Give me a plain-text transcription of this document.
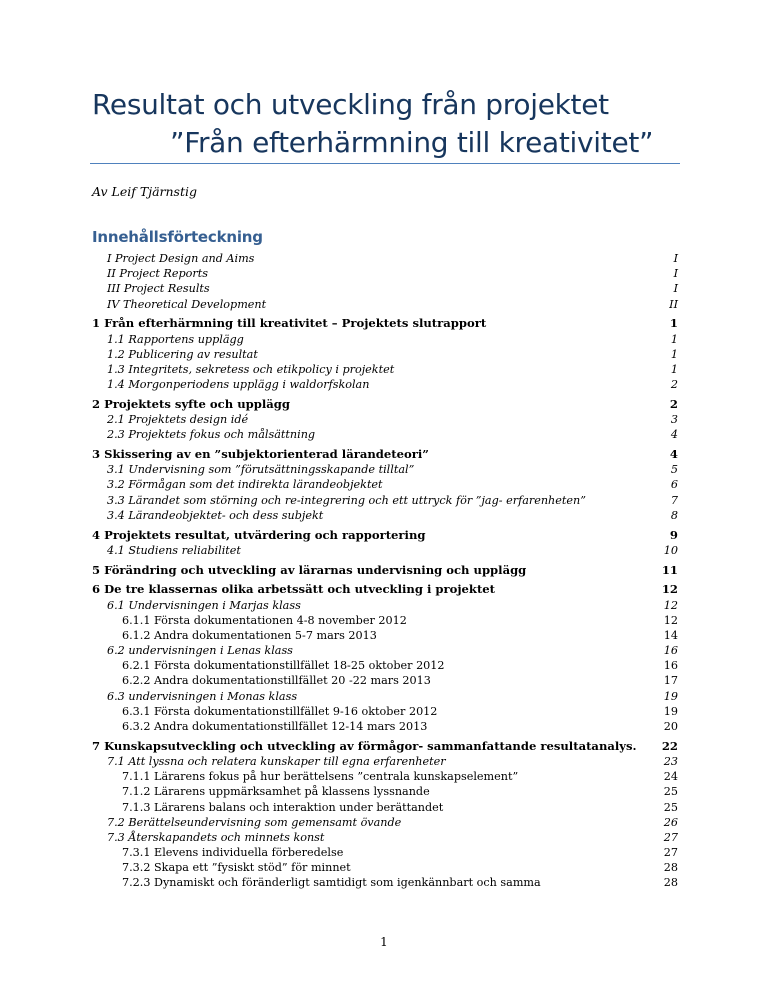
Resultat och utveckling från projektet
”Från efterhärmning till kreativitet”
Av Leif Tjärnstig
Innehållsförteckning
I Project Design and Aims	I
II Project Reports	I
III Project Results	I
IV Theoretical Development	II
1 Från efterhärmning till kreativitet – Projektets slutrapport	1
1.1 Rapportens upplägg	1
1.2 Publicering av resultat	1
1.3 Integritets, sekretess och etikpolicy i projektet	1
1.4 Morgonperiodens upplägg i waldorfskolan	2
2 Projektets syfte och upplägg	2
2.1 Projektets design idé	3
2.3 Projektets fokus och målsättning	4
3 Skissering av en ”subjektorienterad lärandeteori”	4
3.1 Undervisning som ”förutsättningsskapande tilltal”	5
3.2 Förmågan som det indirekta lärandeobjektet	6
3.3 Lärandet som störning och re-integrering och ett uttryck för ”jag- erfarenheten”	7
3.4 Lärandeobjektet- och dess subjekt	8
4 Projektets resultat, utvärdering och rapportering	9
4.1 Studiens reliabilitet	10
5 Förändring och utveckling av lärarnas undervisning och upplägg	11
6 De tre klassernas olika arbetssätt och utveckling i projektet	12
6.1 Undervisningen i Marjas klass	12
6.1.1 Första dokumentationen 4-8 november 2012	12
6.1.2 Andra dokumentationen 5-7 mars 2013	14
6.2 undervisningen i Lenas klass	16
6.2.1 Första dokumentationstillfället 18-25 oktober 2012	16
6.2.2 Andra dokumentationstillfället 20 -22 mars 2013	17
6.3 undervisningen i Monas klass	19
6.3.1 Första dokumentationstillfället 9-16 oktober 2012	19
6.3.2 Andra dokumentationstillfället 12-14 mars 2013	20
7 Kunskapsutveckling och utveckling av förmågor- sammanfattande resultatanalys. 22
7.1 Att lyssna och relatera kunskaper till egna erfarenheter	23
7.1.1 Lärarens fokus på hur berättelsens ”centrala kunskapselement”	24
7.1.2 Lärarens uppmärksamhet på klassens lyssnande	25
7.1.3 Lärarens balans och interaktion under berättandet	25
7.2 Berättelseundervisning som gemensamt övande	26
7.3 Återskapandets och minnets konst	27
7.3.1 Elevens individuella förberedelse	27
7.3.2 Skapa ett ”fysiskt stöd” för minnet	28
7.2.3 Dynamiskt och föränderligt samtidigt som igenkännbart och samma	28
1
